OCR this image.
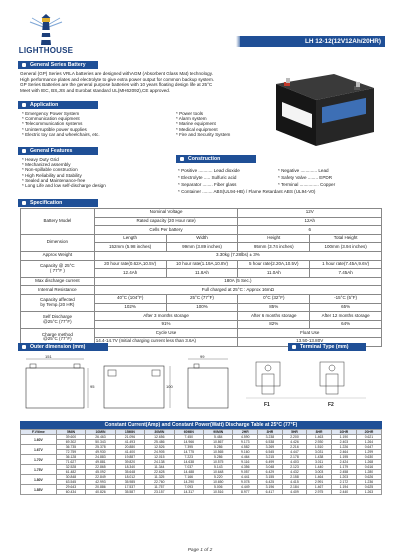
LIGHTHOUSE
LH 12-12(12V12Ah/20HR)
General Series Battery
General (GP) Series VRLA batteries are designed withAGM (Absorbent Glass Mat) technology.
High performance plates and electrolyte to give extra power output for common backup system.
GP Series Batteries are the general purpose batteries with 10 years floating design life at 25°C
Meet with IEC, BS,JIS and Eurobat standard UL(MH62092),CE approved.
Application
* Emergency Power System
* Communication equipment
* Telecommunication systems
* Uninterruptible power supplies
* Electric toy car and wheelchairs, etc.
* Power tools
* Alarm system
* Marine equipment
* Medical equipment
* Fire and Security System
General Features
* Heavy Duty Grid
* Mechanized assembly
* Non-spillable construction
* High Reliability and Stability
* Sealed and Maintenance-free
* Long Life and low self-discharge design
Construction
* Positive ........... Lead dioxide
* Electrolyte ..... Sulfuric acid
* Separator ........ Fiber glass
* Negative ............. Lead
* Safety Valve ........ EPDR
* Terminal ............... Copper
* Container ........ ABS(UL94-HB) / Flame Retardant ABS (UL94-V0)
Specification
Battery Model	Nominal Voltage		12V	
	Rated capacity (20 Hour rate)		12Ah	
	Cells Per battery		6	
Dimension	Length	Width	Height	Total Height
	152mm (5.98 inches)	99mm (3.89 inches)	95mm (3.74 inches)	100mm (3.94 inches)
Approx Weight	3.30kg (7.28lbs) ± 3%			

Capacity @ 25°C
( 77°F )	20 hour rate(0.62A,10.5V)	10 hour rate(1.19A,10.8V)	5 hour rate(2.20A,10.5V)	1 hour rate(7.45A,9.6V)
	12.4Ah	11.8Ah	11.0Ah	7.45Ah
Max discharge current	180A (5 Sec.)			
Internal Resistance	Full charged at 25°C : Approx 16mΩ			

Capacity affected
by Temp.(20 HR)	40°C (104°F)	25°C (77°F)	0°C (32°F)	-15°C (5°F)
	102%	100%	85%	65%

Self Discharge
@25°C (77°F)	After 3 months storage		After 6 months storage	After 12 months storage
	91%		82%	64%

Charge method
@25°C (77°F)	Cycle Use		Float Use	
	14.4-14.7V (Initial charging current less than 3.6A)		13.50-13.80V	
Outer dimension (mm)	Terminal Type (mm)
151
95	100
99
F1	F2
Constant Current(Amp) and Constant Power(Watt) Discharge Table at 25°C (77°F)
F.V/time	5MIN	10MIN	15MIN	30MIN	60MIN	90MIN	2HR	3HR	5HR	8HR	10HR	20HR
1.60V	39.600	26.463	21.096	12.656	7.450	5.484	4.590	3.238	2.200	1.463	1.190	0.621
	69.302	50.343	41.493	25.486	14.966	10.867	9.173	6.538	4.426	2.930	2.403	1.264
1.67V	36.735	25.378	20.880	12.526	7.395	5.286	4.582	3.269	2.216	1.510	1.226	0.647
	72.759	49.930	41.400	24.905	14.775	10.565	9.160	6.545	4.447	3.031	2.464	1.299
1.70V	36.128	24.883	19.887	12.015	7.223	5.286	4.464	3.215	2.178	1.438	1.195	0.630
	71.627	49.881	39.820	24.138	14.638	10.575	9.116	6.499	4.403	3.011	2.424	1.268
1.75V	32.528	22.865	18.340	11.344	7.037	5.143	4.356	3.048	2.123	1.440	1.179	0.616
	61.482	45.092	35.648	22.628	14.488	10.648	9.057	6.429	4.432	3.003	2.458	1.280
1.80V	30.848	22.849	18.012	11.325	7.166	5.220	4.441	3.155	2.158	1.464	1.203	0.626
	63.545	42.993	35.985	22.760	14.290	10.650	9.078	6.425	4.415	2.991	2.172	1.236
1.85V	29.643	20.886	17.537	11.757	7.093	5.006	4.449	3.196	2.184	1.467	1.194	0.625
	60.434	40.826	35.587	23.157	14.317	10.516	8.977	6.417	4.409	2.975	2.440	1.263
Page 1 of 2
